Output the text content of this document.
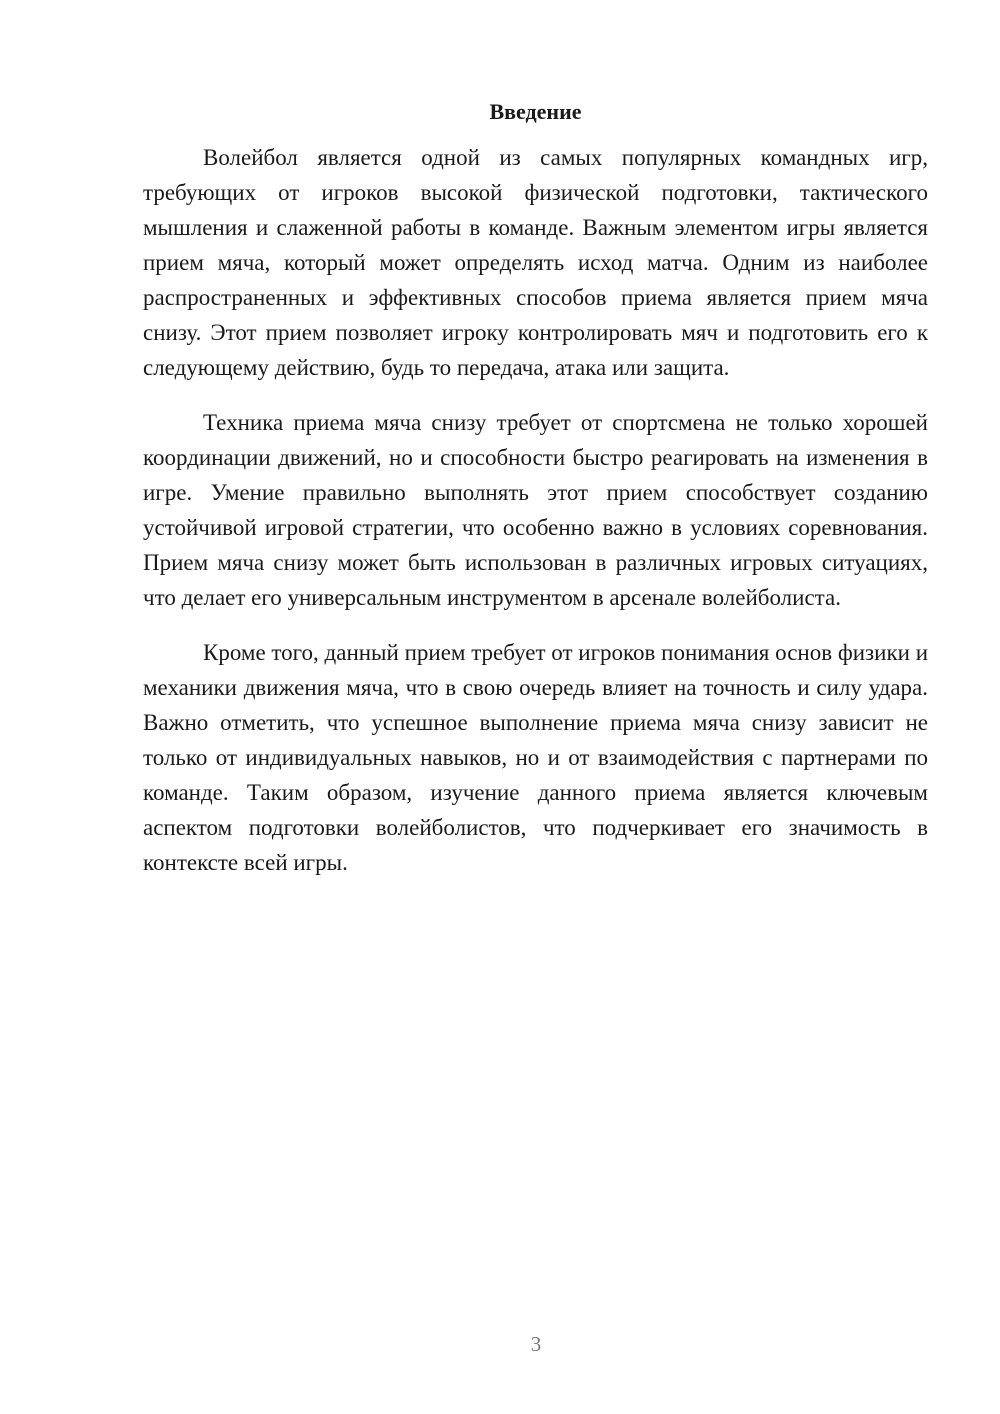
Введение

Волейбол является одной из самых популярных командных игр, требующих от игроков высокой физической подготовки, тактического мышления и слаженной работы в команде. Важным элементом игры является прием мяча, который может определять исход матча. Одним из наиболее распространенных и эффективных способов приема является прием мяча снизу. Этот прием позволяет игроку контролировать мяч и подготовить его к следующему действию, будь то передача, атака или защита.

Техника приема мяча снизу требует от спортсмена не только хорошей координации движений, но и способности быстро реагировать на изменения в игре. Умение правильно выполнять этот прием способствует созданию устойчивой игровой стратегии, что особенно важно в условиях соревнования. Прием мяча снизу может быть использован в различных игровых ситуациях, что делает его универсальным инструментом в арсенале волейболиста.

Кроме того, данный прием требует от игроков понимания основ физики и механики движения мяча, что в свою очередь влияет на точность и силу удара. Важно отметить, что успешное выполнение приема мяча снизу зависит не только от индивидуальных навыков, но и от взаимодействия с партнерами по команде. Таким образом, изучение данного приема является ключевым аспектом подготовки волейболистов, что подчеркивает его значимость в контексте всей игры.

3
